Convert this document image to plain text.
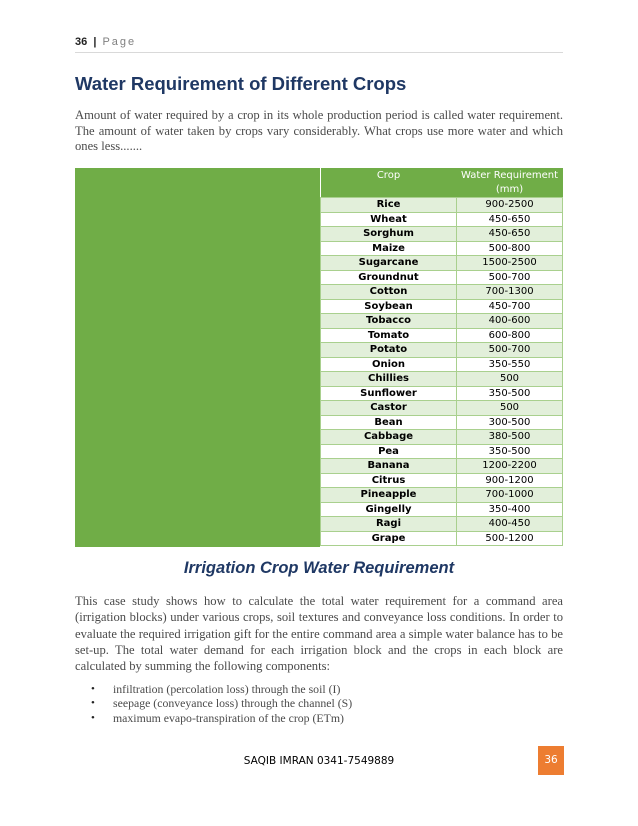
36 | Page
Water Requirement of Different Crops

Amount of water required by a crop in its whole production period is called water requirement. The amount of water taken by crops vary considerably. What crops use more water and which ones less.......

Crop	Water Requirement (mm)
Rice	900-2500
Wheat	450-650
Sorghum	450-650
Maize	500-800
Sugarcane	1500-2500
Groundnut	500-700
Cotton	700-1300
Soybean	450-700
Tobacco	400-600
Tomato	600-800
Potato	500-700
Onion	350-550
Chillies	500
Sunflower	350-500
Castor	500
Bean	300-500
Cabbage	380-500
Pea	350-500
Banana	1200-2200
Citrus	900-1200
Pineapple	700-1000
Gingelly	350-400
Ragi	400-450
Grape	500-1200
Irrigation Crop Water Requirement

This case study shows how to calculate the total water requirement for a command area (irrigation blocks) under various crops, soil textures and conveyance loss conditions. In order to evaluate the required irrigation gift for the entire command area a simple water balance has to be set-up. The total water demand for each irrigation block and the crops in each block are calculated by summing the following components:

• infiltration (percolation loss) through the soil (I)
• seepage (conveyance loss) through the channel (S)
• maximum evapo-transpiration of the crop (ETm)
SAQIB IMRAN 0341-7549889	36
